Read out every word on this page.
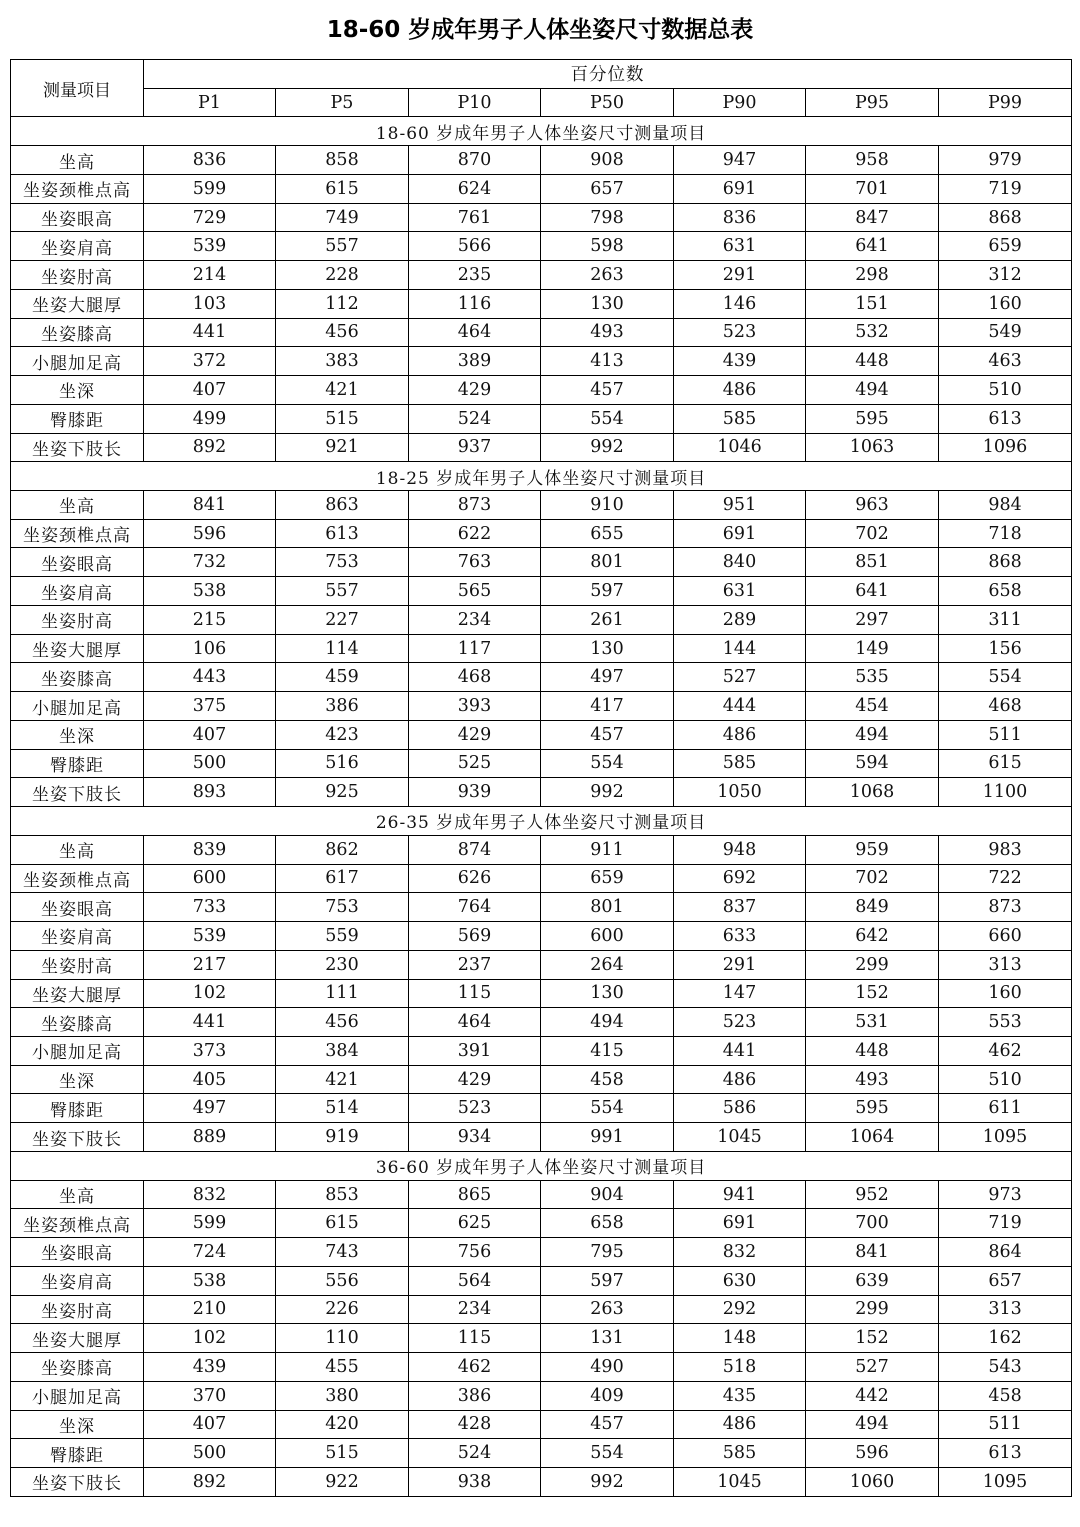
18-60 岁成年男子人体坐姿尺寸数据总表
测量项目	百分位数						
	P1	P5	P10	P50	P90	P95	P99
18-60 岁成年男子人体坐姿尺寸测量项目							
坐高	836	858	870	908	947	958	979
坐姿颈椎点高	599	615	624	657	691	701	719
坐姿眼高	729	749	761	798	836	847	868
坐姿肩高	539	557	566	598	631	641	659
坐姿肘高	214	228	235	263	291	298	312
坐姿大腿厚	103	112	116	130	146	151	160
坐姿膝高	441	456	464	493	523	532	549
小腿加足高	372	383	389	413	439	448	463
坐深	407	421	429	457	486	494	510
臀膝距	499	515	524	554	585	595	613
坐姿下肢长	892	921	937	992	1046	1063	1096
18-25 岁成年男子人体坐姿尺寸测量项目							
坐高	841	863	873	910	951	963	984
坐姿颈椎点高	596	613	622	655	691	702	718
坐姿眼高	732	753	763	801	840	851	868
坐姿肩高	538	557	565	597	631	641	658
坐姿肘高	215	227	234	261	289	297	311
坐姿大腿厚	106	114	117	130	144	149	156
坐姿膝高	443	459	468	497	527	535	554
小腿加足高	375	386	393	417	444	454	468
坐深	407	423	429	457	486	494	511
臀膝距	500	516	525	554	585	594	615
坐姿下肢长	893	925	939	992	1050	1068	1100
26-35 岁成年男子人体坐姿尺寸测量项目							
坐高	839	862	874	911	948	959	983
坐姿颈椎点高	600	617	626	659	692	702	722
坐姿眼高	733	753	764	801	837	849	873
坐姿肩高	539	559	569	600	633	642	660
坐姿肘高	217	230	237	264	291	299	313
坐姿大腿厚	102	111	115	130	147	152	160
坐姿膝高	441	456	464	494	523	531	553
小腿加足高	373	384	391	415	441	448	462
坐深	405	421	429	458	486	493	510
臀膝距	497	514	523	554	586	595	611
坐姿下肢长	889	919	934	991	1045	1064	1095
36-60 岁成年男子人体坐姿尺寸测量项目							
坐高	832	853	865	904	941	952	973
坐姿颈椎点高	599	615	625	658	691	700	719
坐姿眼高	724	743	756	795	832	841	864
坐姿肩高	538	556	564	597	630	639	657
坐姿肘高	210	226	234	263	292	299	313
坐姿大腿厚	102	110	115	131	148	152	162
坐姿膝高	439	455	462	490	518	527	543
小腿加足高	370	380	386	409	435	442	458
坐深	407	420	428	457	486	494	511
臀膝距	500	515	524	554	585	596	613
坐姿下肢长	892	922	938	992	1045	1060	1095
